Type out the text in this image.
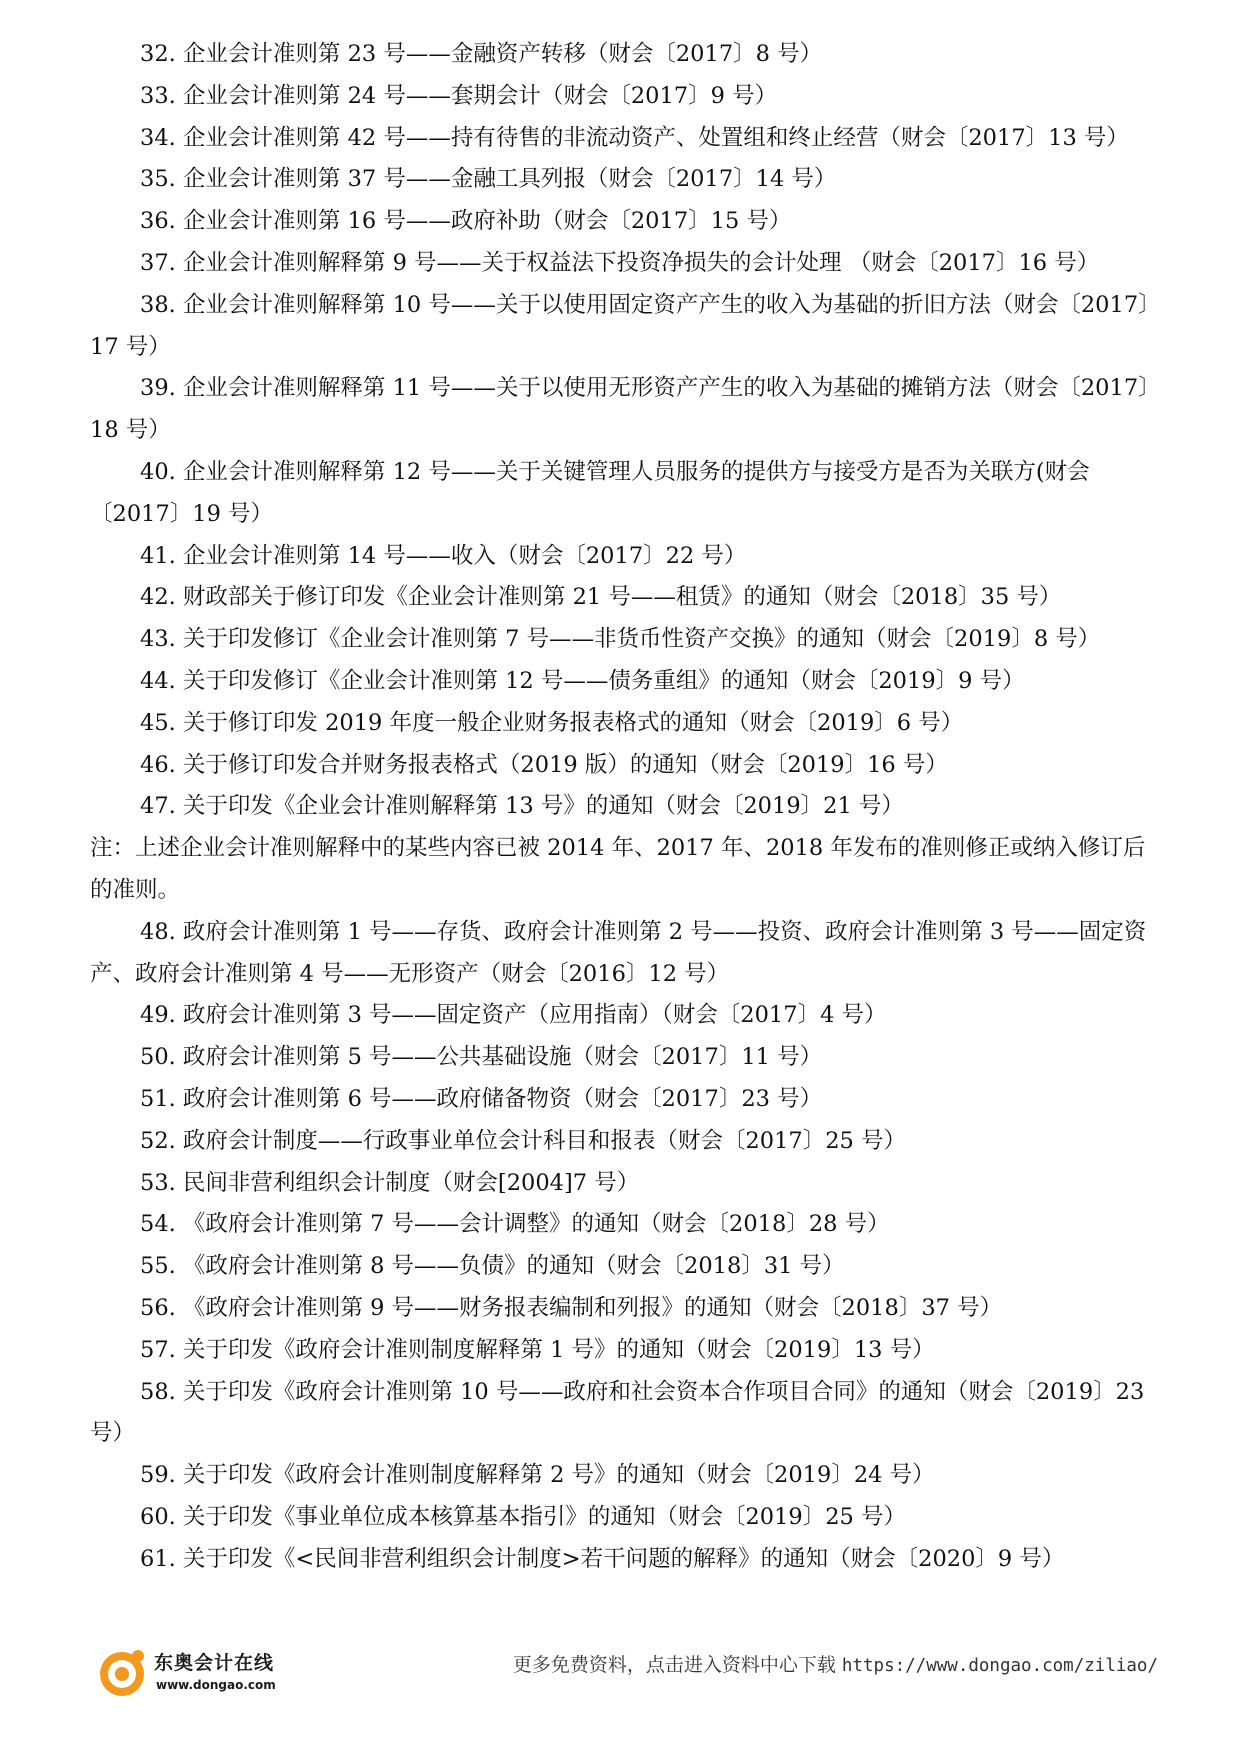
32. 企业会计准则第 23 号——金融资产转移（财会〔2017〕8 号）

33. 企业会计准则第 24 号——套期会计（财会〔2017〕9 号）

34. 企业会计准则第 42 号——持有待售的非流动资产、处置组和终止经营（财会〔2017〕13 号）

35. 企业会计准则第 37 号——金融工具列报（财会〔2017〕14 号）

36. 企业会计准则第 16 号——政府补助（财会〔2017〕15 号）

37. 企业会计准则解释第 9 号——关于权益法下投资净损失的会计处理 （财会〔2017〕16 号）

38. 企业会计准则解释第 10 号——关于以使用固定资产产生的收入为基础的折旧方法（财会〔2017〕17 号）

39. 企业会计准则解释第 11 号——关于以使用无形资产产生的收入为基础的摊销方法（财会〔2017〕18 号）

40. 企业会计准则解释第 12 号——关于关键管理人员服务的提供方与接受方是否为关联方(财会〔2017〕19 号）

41. 企业会计准则第 14 号——收入（财会〔2017〕22 号）

42. 财政部关于修订印发《企业会计准则第 21 号——租赁》的通知（财会〔2018〕35 号）

43. 关于印发修订《企业会计准则第 7 号——非货币性资产交换》的通知（财会〔2019〕8 号）

44. 关于印发修订《企业会计准则第 12 号——债务重组》的通知（财会〔2019〕9 号）

45. 关于修订印发 2019 年度一般企业财务报表格式的通知（财会〔2019〕6 号）

46. 关于修订印发合并财务报表格式（2019 版）的通知（财会〔2019〕16 号）

47. 关于印发《企业会计准则解释第 13 号》的通知（财会〔2019〕21 号）

注：上述企业会计准则解释中的某些内容已被 2014 年、2017 年、2018 年发布的准则修正或纳入修订后的准则。

48. 政府会计准则第 1 号——存货、政府会计准则第 2 号——投资、政府会计准则第 3 号——固定资产、政府会计准则第 4 号——无形资产（财会〔2016〕12 号）

49. 政府会计准则第 3 号——固定资产（应用指南）（财会〔2017〕4 号）

50. 政府会计准则第 5 号——公共基础设施（财会〔2017〕11 号）

51. 政府会计准则第 6 号——政府储备物资（财会〔2017〕23 号）

52. 政府会计制度——行政事业单位会计科目和报表（财会〔2017〕25 号）

53. 民间非营利组织会计制度（财会[2004]7 号）

54. 《政府会计准则第 7 号——会计调整》的通知（财会〔2018〕28 号）

55. 《政府会计准则第 8 号——负债》的通知（财会〔2018〕31 号）

56. 《政府会计准则第 9 号——财务报表编制和列报》的通知（财会〔2018〕37 号）

57. 关于印发《政府会计准则制度解释第 1 号》的通知（财会〔2019〕13 号）

58. 关于印发《政府会计准则第 10 号——政府和社会资本合作项目合同》的通知（财会〔2019〕23 号）

59. 关于印发《政府会计准则制度解释第 2 号》的通知（财会〔2019〕24 号）

60. 关于印发《事业单位成本核算基本指引》的通知（财会〔2019〕25 号）

61. 关于印发《<民间非营利组织会计制度>若干问题的解释》的通知（财会〔2020〕9 号）

东奥会计在线
www.dongao.com
更多免费资料，点击进入资料中心下载 https://www.dongao.com/ziliao/
